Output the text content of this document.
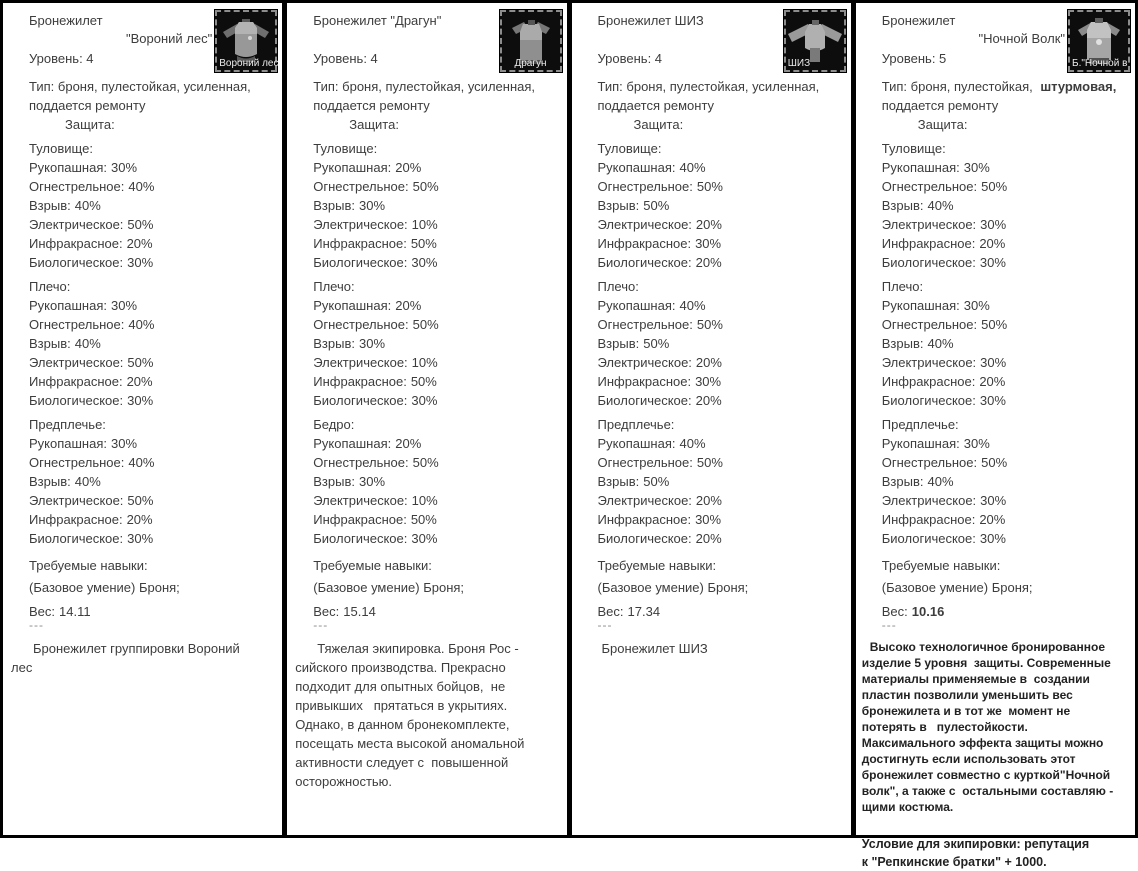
Бронежилет
"Вороний лес"
Уровень: 4	Вороний лес
Тип: броня, пулестойкая, усиленная,
поддается ремонту
Защита:
Туловище:
Рукопашная: 30%
Огнестрельное: 40%
Взрыв: 40%
Электрическое: 50%
Инфракрасное: 20%
Биологическое: 30%
Плечо:
Рукопашная: 30%
Огнестрельное: 40%
Взрыв: 40%
Электрическое: 50%
Инфракрасное: 20%
Биологическое: 30%
Предплечье:
Рукопашная: 30%
Огнестрельное: 40%
Взрыв: 40%
Электрическое: 50%
Инфракрасное: 20%
Биологическое: 30%
Требуемые навыки:
(Базовое умение) Броня;
Вес: 14.11
---
Бронежилет группировки Вороний
лес
Бронежилет "Драгун"
Уровень: 4	Драгун
Тип: броня, пулестойкая, усиленная,
поддается ремонту
Защита:
Туловище:
Рукопашная: 20%
Огнестрельное: 50%
Взрыв: 30%
Электрическое: 10%
Инфракрасное: 50%
Биологическое: 30%
Плечо:
Рукопашная: 20%
Огнестрельное: 50%
Взрыв: 30%
Электрическое: 10%
Инфракрасное: 50%
Биологическое: 30%
Бедро:
Рукопашная: 20%
Огнестрельное: 50%
Взрыв: 30%
Электрическое: 10%
Инфракрасное: 50%
Биологическое: 30%
Требуемые навыки:
(Базовое умение) Броня;
Вес: 15.14
---
Тяжелая экипировка. Броня Рос -
сийского производства. Прекрасно
подходит для опытных бойцов,  не
привыкших   прятаться в укрытиях.
Однако, в данном бронекомплекте,
посещать места высокой аномальной
активности следует с  повышенной
осторожностью.
Бронежилет ШИЗ
Уровень: 4	ШИЗ
Тип: броня, пулестойкая, усиленная,
поддается ремонту
Защита:
Туловище:
Рукопашная: 40%
Огнестрельное: 50%
Взрыв: 50%
Электрическое: 20%
Инфракрасное: 30%
Биологическое: 20%
Плечо:
Рукопашная: 40%
Огнестрельное: 50%
Взрыв: 50%
Электрическое: 20%
Инфракрасное: 30%
Биологическое: 20%
Предплечье:
Рукопашная: 40%
Огнестрельное: 50%
Взрыв: 50%
Электрическое: 20%
Инфракрасное: 30%
Биологическое: 20%
Требуемые навыки:
(Базовое умение) Броня;
Вес: 17.34
---
Бронежилет ШИЗ
Бронежилет
"Ночной Волк"
Уровень: 5	Б."Ночной в
Тип: броня, пулестойкая, штурмовая,
поддается ремонту
Защита:
Туловище:
Рукопашная: 30%
Огнестрельное: 50%
Взрыв: 40%
Электрическое: 30%
Инфракрасное: 20%
Биологическое: 30%
Плечо:
Рукопашная: 30%
Огнестрельное: 50%
Взрыв: 40%
Электрическое: 30%
Инфракрасное: 20%
Биологическое: 30%
Предплечье:
Рукопашная: 30%
Огнестрельное: 50%
Взрыв: 40%
Электрическое: 30%
Инфракрасное: 20%
Биологическое: 30%
Требуемые навыки:
(Базовое умение) Броня;
Вес: 10.16
---
Высоко технологичное бронированное
изделие 5 уровня  защиты. Современные
материалы применяемые в  создании
пластин позволили уменьшить вес
бронежилета и в тот же  момент не
потерять в   пулестойкости.
Максимального эффекта защиты можно
достигнуть если использовать этот
бронежилет совместно с курткой"Ночной
волк", а также с  остальными составляю -
щими костюма.
Условие для экипировки: репутация
к "Репкинские братки" + 1000.
